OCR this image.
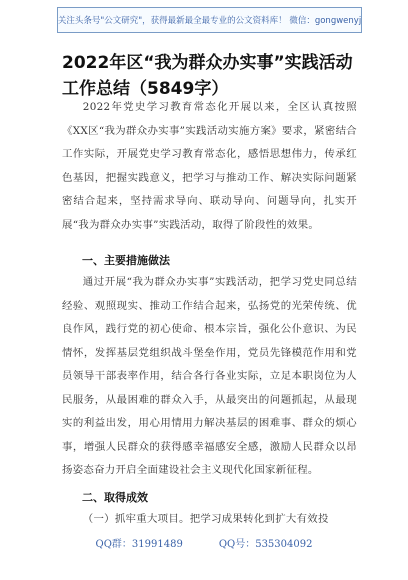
关注头条号"公文研究"，获得最新最全最专业的公文资料库！ 微信：gongwenyj
2022年区“我为群众办实事”实践活动工作总结（5849字）

2022年党史学习教育常态化开展以来，全区认真按照《XX区“我为群众办实事”实践活动实施方案》要求，紧密结合工作实际，开展党史学习教育常态化，感悟思想伟力，传承红色基因，把握实践意义，把学习与推动工作、解决实际问题紧密结合起来，坚持需求导向、联动导向、问题导向，扎实开展“我为群众办实事”实践活动，取得了阶段性的效果。

一、主要措施做法

通过开展“我为群众办实事”实践活动，把学习党史同总结经验、观照现实、推动工作结合起来，弘扬党的光荣传统、优良作风，践行党的初心使命、根本宗旨，强化公仆意识、为民情怀，发挥基层党组织战斗堡垒作用，党员先锋模范作用和党员领导干部表率作用，结合各行各业实际，立足本职岗位为人民服务，从最困难的群众入手，从最突出的问题抓起，从最现实的利益出发，用心用情用力解决基层的困难事、群众的烦心事，增强人民群众的获得感幸福感安全感，激励人民群众以昂扬姿态奋力开启全面建设社会主义现代化国家新征程。

二、取得成效

（一）抓牢重大项目。把学习成果转化到扩大有效投

QQ群：31991489	QQ号：535304092
